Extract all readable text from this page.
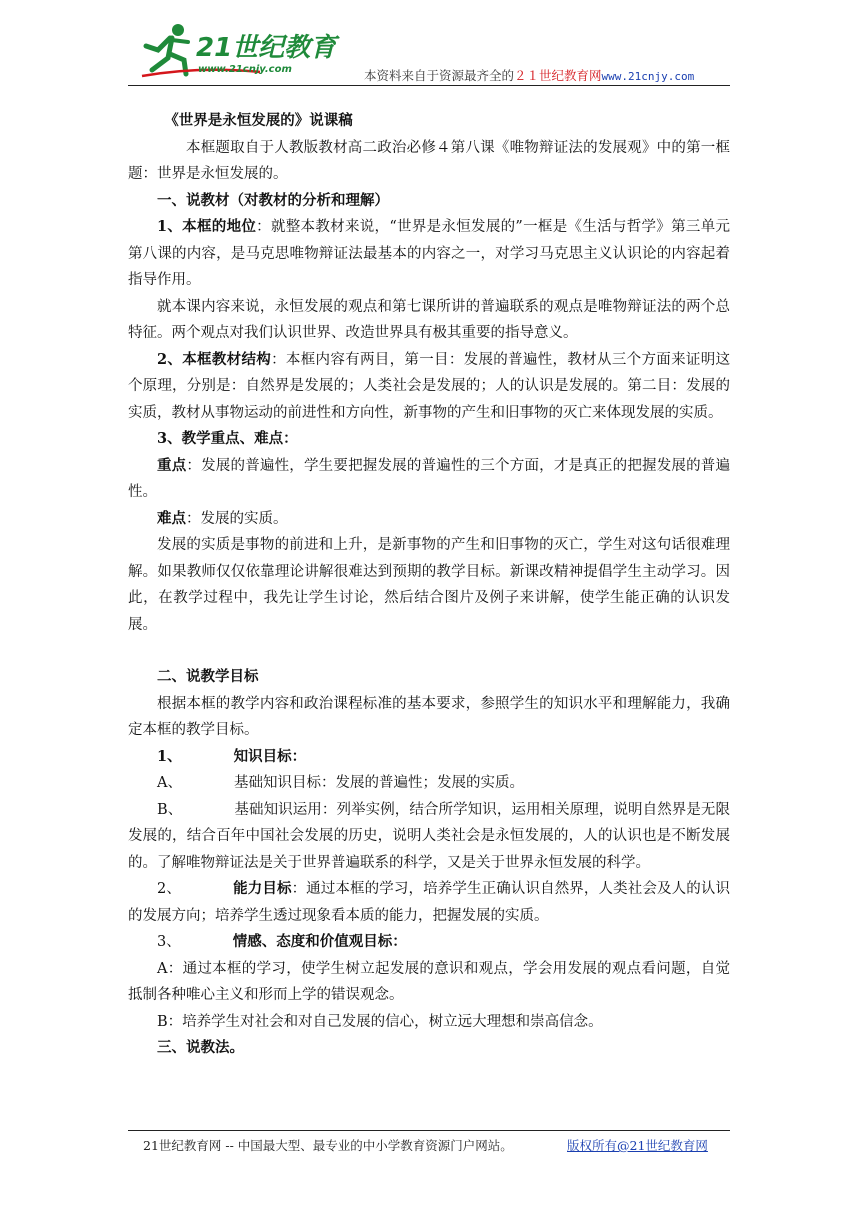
21世纪教育
www.21cnjy.com	本资料来自于资源最齐全的２１世纪教育网www.21cnjy.com

《世界是永恒发展的》说课稿

本框题取自于人教版教材高二政治必修４第八课《唯物辩证法的发展观》中的第一框题：世界是永恒发展的。

一、说教材（对教材的分析和理解）

1、本框的地位：就整本教材来说，“世界是永恒发展的”一框是《生活与哲学》第三单元第八课的内容，是马克思唯物辩证法最基本的内容之一，对学习马克思主义认识论的内容起着指导作用。

就本课内容来说，永恒发展的观点和第七课所讲的普遍联系的观点是唯物辩证法的两个总特征。两个观点对我们认识世界、改造世界具有极其重要的指导意义。

2、本框教材结构：本框内容有两目，第一目：发展的普遍性，教材从三个方面来证明这个原理，分别是：自然界是发展的；人类社会是发展的；人的认识是发展的。第二目：发展的实质，教材从事物运动的前进性和方向性，新事物的产生和旧事物的灭亡来体现发展的实质。

3、教学重点、难点：

重点：发展的普遍性，学生要把握发展的普遍性的三个方面，才是真正的把握发展的普遍性。

难点：发展的实质。

发展的实质是事物的前进和上升，是新事物的产生和旧事物的灭亡，学生对这句话很难理解。如果教师仅仅依靠理论讲解很难达到预期的教学目标。新课改精神提倡学生主动学习。因此，在教学过程中，我先让学生讨论，然后结合图片及例子来讲解，使学生能正确的认识发展。

二、说教学目标

根据本框的教学内容和政治课程标准的基本要求，参照学生的知识水平和理解能力，我确定本框的教学目标。

1、	知识目标：

A、	基础知识目标：发展的普遍性；发展的实质。

B、	基础知识运用：列举实例，结合所学知识，运用相关原理，说明自然界是无限发展的，结合百年中国社会发展的历史，说明人类社会是永恒发展的，人的认识也是不断发展的。了解唯物辩证法是关于世界普遍联系的科学，又是关于世界永恒发展的科学。

2、	能力目标：通过本框的学习，培养学生正确认识自然界，人类社会及人的认识的发展方向；培养学生透过现象看本质的能力，把握发展的实质。

3、	情感、态度和价值观目标：

A：通过本框的学习，使学生树立起发展的意识和观点，学会用发展的观点看问题，自觉抵制各种唯心主义和形而上学的错误观念。

B：培养学生对社会和对自己发展的信心，树立远大理想和崇高信念。

三、说教法。

21世纪教育网 -- 中国最大型、最专业的中小学教育资源门户网站。	版权所有@21世纪教育网
